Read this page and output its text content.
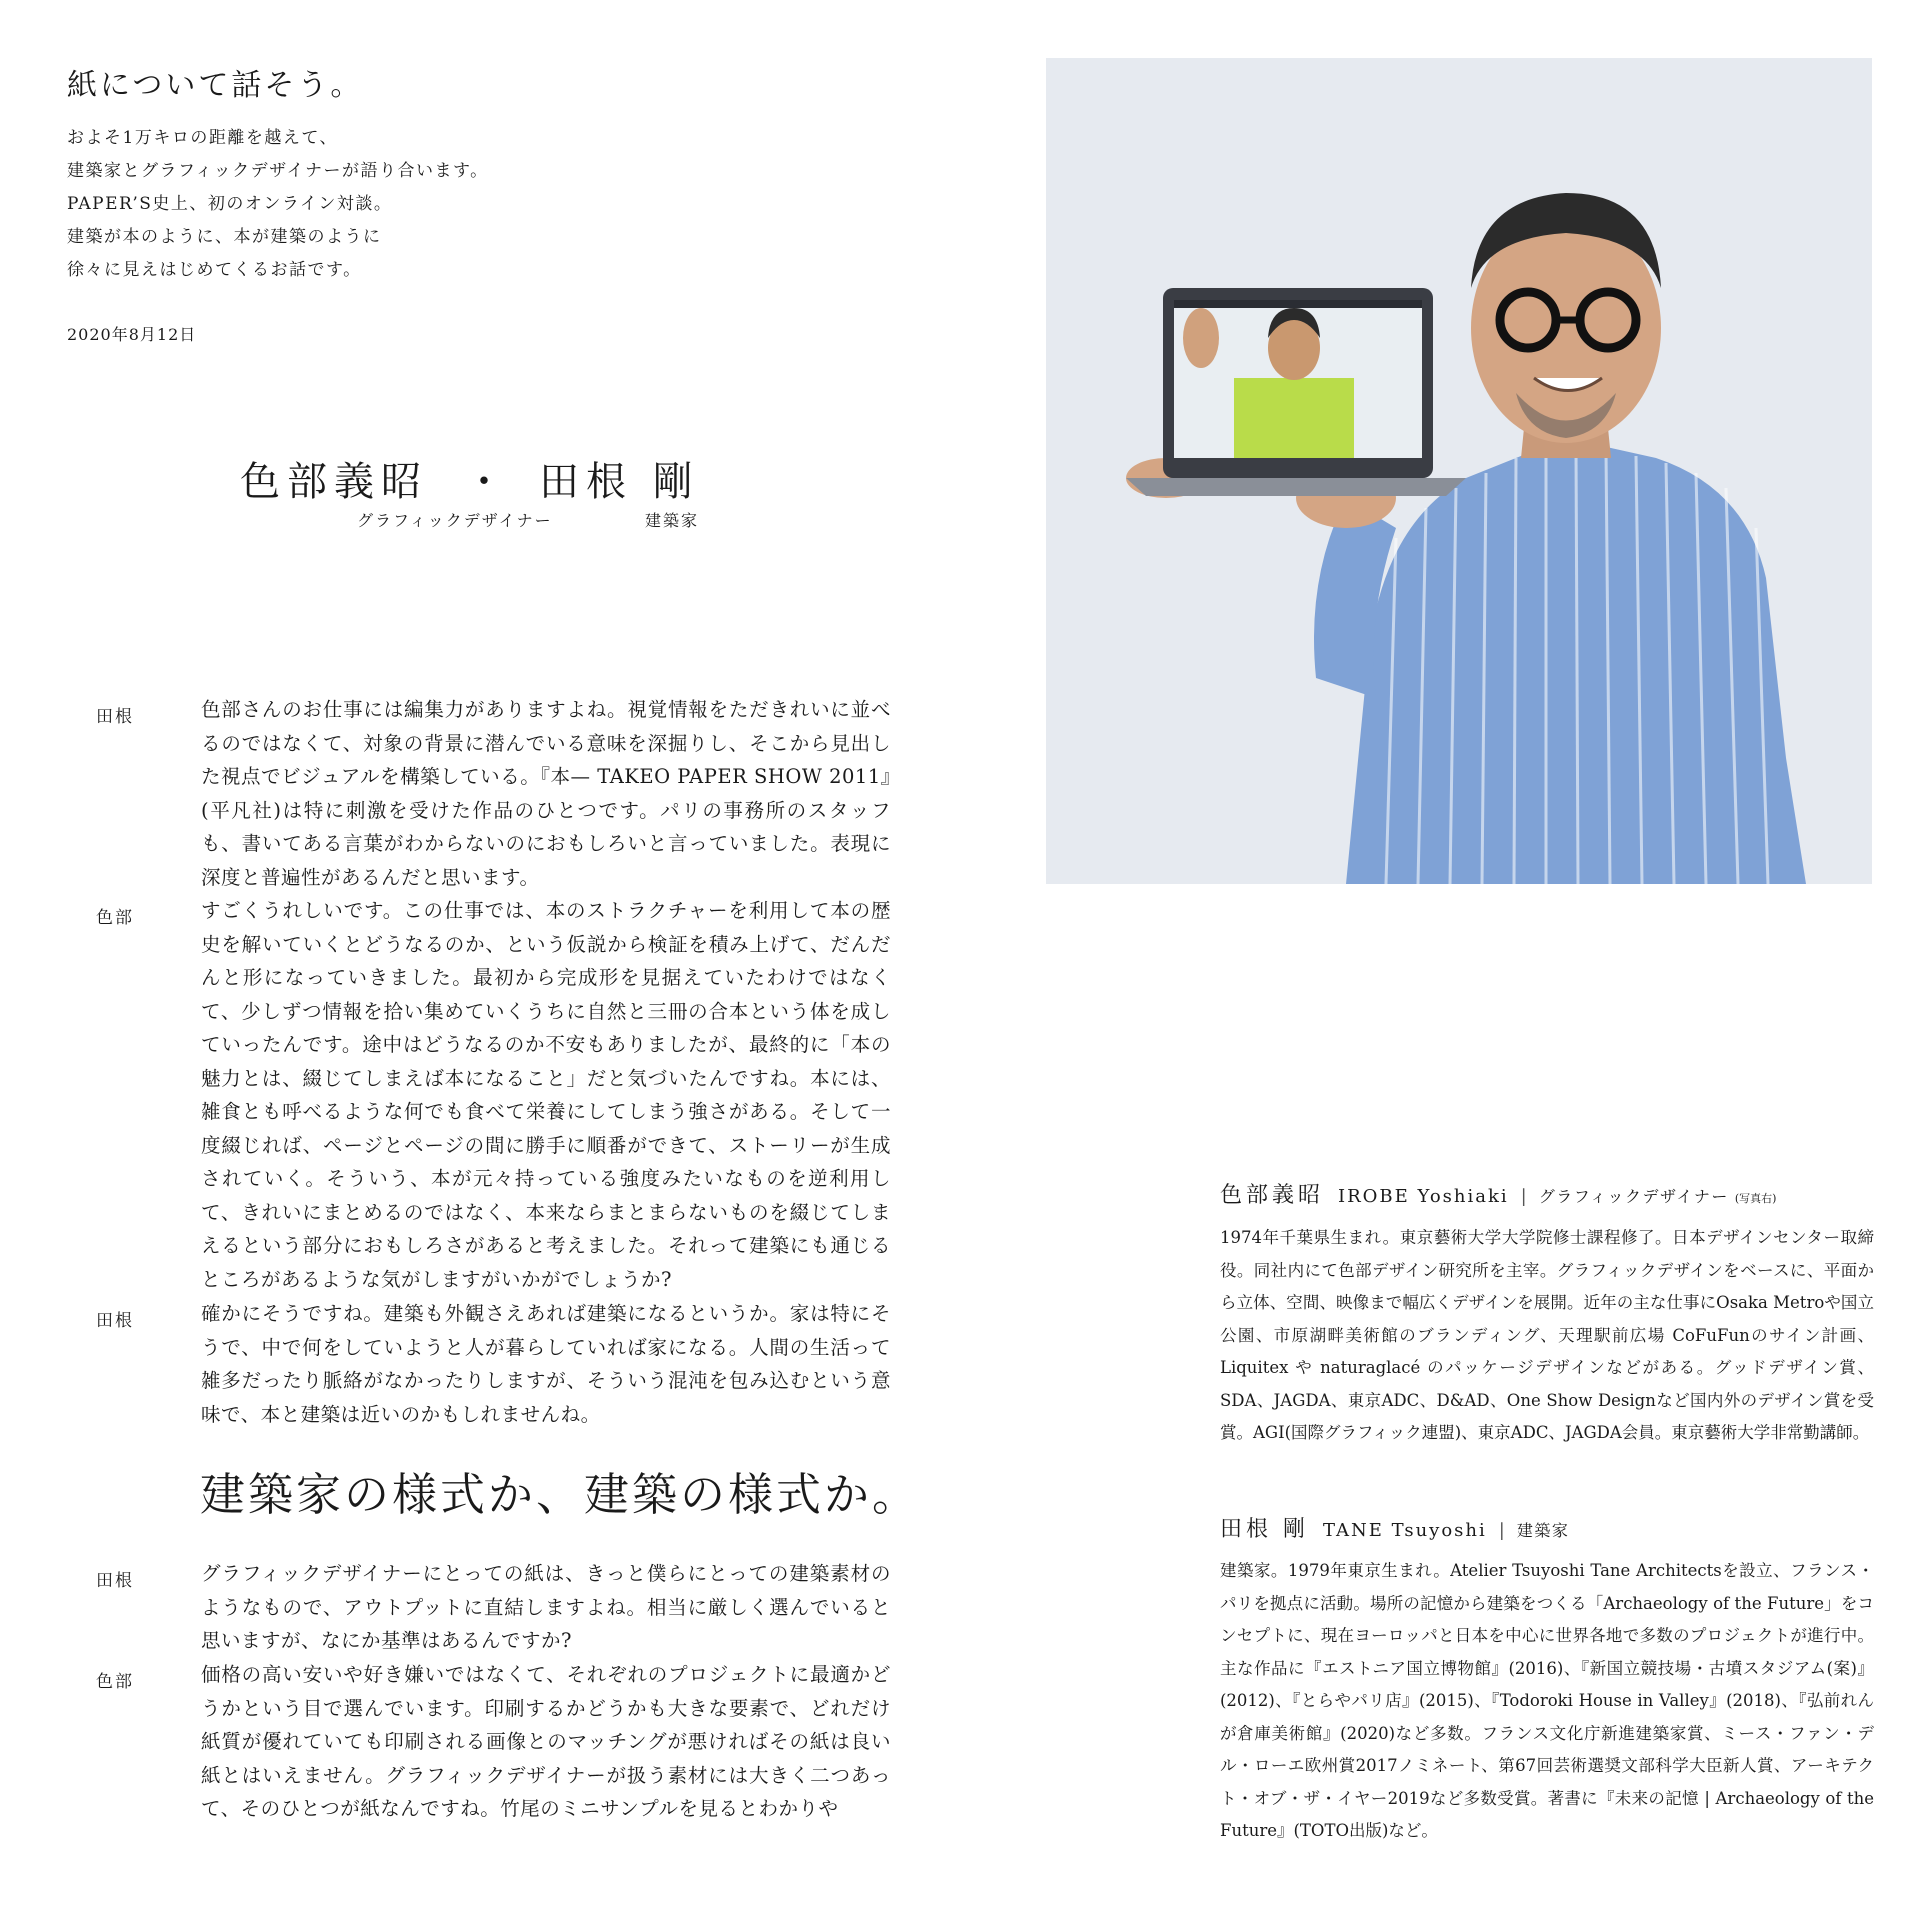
紙について話そう。
およそ1万キロの距離を越えて、
建築家とグラフィックデザイナーが語り合います。
PAPER’S史上、初のオンライン対談。
建築が本のように、本が建築のように
徐々に見えはじめてくるお話です。
2020年8月12日
色部義昭 ・ 田根 剛
グラフィックデザイナー	建築家
田根	色部さんのお仕事には編集力がありますよね。視覚情報をただきれいに並べるのではなくて、対象の背景に潜んでいる意味を深掘りし、そこから見出した視点でビジュアルを構築している。『本— TAKEO PAPER SHOW 2011』(平凡社)は特に刺激を受けた作品のひとつです。パリの事務所のスタッフも、書いてある言葉がわからないのにおもしろいと言っていました。表現に深度と普遍性があるんだと思います。

色部	すごくうれしいです。この仕事では、本のストラクチャーを利用して本の歴史を解いていくとどうなるのか、という仮説から検証を積み上げて、だんだんと形になっていきました。最初から完成形を見据えていたわけではなくて、少しずつ情報を拾い集めていくうちに自然と三冊の合本という体を成していったんです。途中はどうなるのか不安もありましたが、最終的に「本の魅力とは、綴じてしまえば本になること」だと気づいたんですね。本には、雑食とも呼べるような何でも食べて栄養にしてしまう強さがある。そして一度綴じれば、ページとページの間に勝手に順番ができて、ストーリーが生成されていく。そういう、本が元々持っている強度みたいなものを逆利用して、きれいにまとめるのではなく、本来ならまとまらないものを綴じてしまえるという部分におもしろさがあると考えました。それって建築にも通じるところがあるような気がしますがいかがでしょうか?

田根	確かにそうですね。建築も外観さえあれば建築になるというか。家は特にそうで、中で何をしていようと人が暮らしていれば家になる。人間の生活って雑多だったり脈絡がなかったりしますが、そういう混沌を包み込むという意味で、本と建築は近いのかもしれませんね。

建築家の様式か、建築の様式か。
田根	グラフィックデザイナーにとっての紙は、きっと僕らにとっての建築素材のようなもので、アウトプットに直結しますよね。相当に厳しく選んでいると思いますが、なにか基準はあるんですか?

色部	価格の高い安いや好き嫌いではなくて、それぞれのプロジェクトに最適かどうかという目で選んでいます。印刷するかどうかも大きな要素で、どれだけ紙質が優れていても印刷される画像とのマッチングが悪ければその紙は良い紙とはいえません。グラフィックデザイナーが扱う素材には大きく二つあって、そのひとつが紙なんですね。竹尾のミニサンプルを見るとわかりや

色部義昭 IROBE Yoshiaki | グラフィックデザイナー (写真右)

1974年千葉県生まれ。東京藝術大学大学院修士課程修了。日本デザインセンター取締役。同社内にて色部デザイン研究所を主宰。グラフィックデザインをベースに、平面から立体、空間、映像まで幅広くデザインを展開。近年の主な仕事にOsaka Metroや国立公園、市原湖畔美術館のブランディング、天理駅前広場 CoFuFunのサイン計画、Liquitex や naturaglacé のパッケージデザインなどがある。グッドデザイン賞、SDA、JAGDA、東京ADC、D&AD、One Show Designなど国内外のデザイン賞を受賞。AGI(国際グラフィック連盟)、東京ADC、JAGDA会員。東京藝術大学非常勤講師。

田根 剛 TANE Tsuyoshi | 建築家

建築家。1979年東京生まれ。Atelier Tsuyoshi Tane Architectsを設立、フランス・パリを拠点に活動。場所の記憶から建築をつくる「Archaeology of the Future」をコンセプトに、現在ヨーロッパと日本を中心に世界各地で多数のプロジェクトが進行中。主な作品に『エストニア国立博物館』(2016)、『新国立競技場・古墳スタジアム(案)』(2012)、『とらやパリ店』(2015)、『Todoroki House in Valley』(2018)、『弘前れんが倉庫美術館』(2020)など多数。フランス文化庁新進建築家賞、ミース・ファン・デル・ローエ欧州賞2017ノミネート、第67回芸術選奨文部科学大臣新人賞、アーキテクト・オブ・ザ・イヤー2019など多数受賞。著書に『未来の記憶 | Archaeology of the Future』(TOTO出版)など。
